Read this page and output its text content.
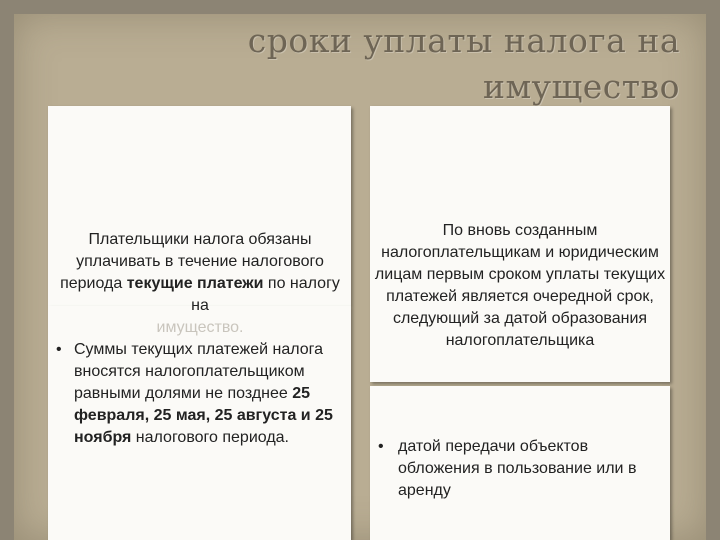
сроки уплаты налога на
имущество
Плательщики налога обязаны уплачивать в течение налогового периода текущие платежи по налогу на
имущество.
• Суммы текущих платежей налога вносятся налогоплательщиком равными долями не позднее 25 февраля, 25 мая, 25 августа и 25 ноября налогового периода.
По вновь созданным налогоплательщикам и юридическим лицам первым сроком уплаты текущих платежей является очередной срок, следующий за датой образования налогоплательщика
• датой передачи объектов обложения в пользование или в аренду
